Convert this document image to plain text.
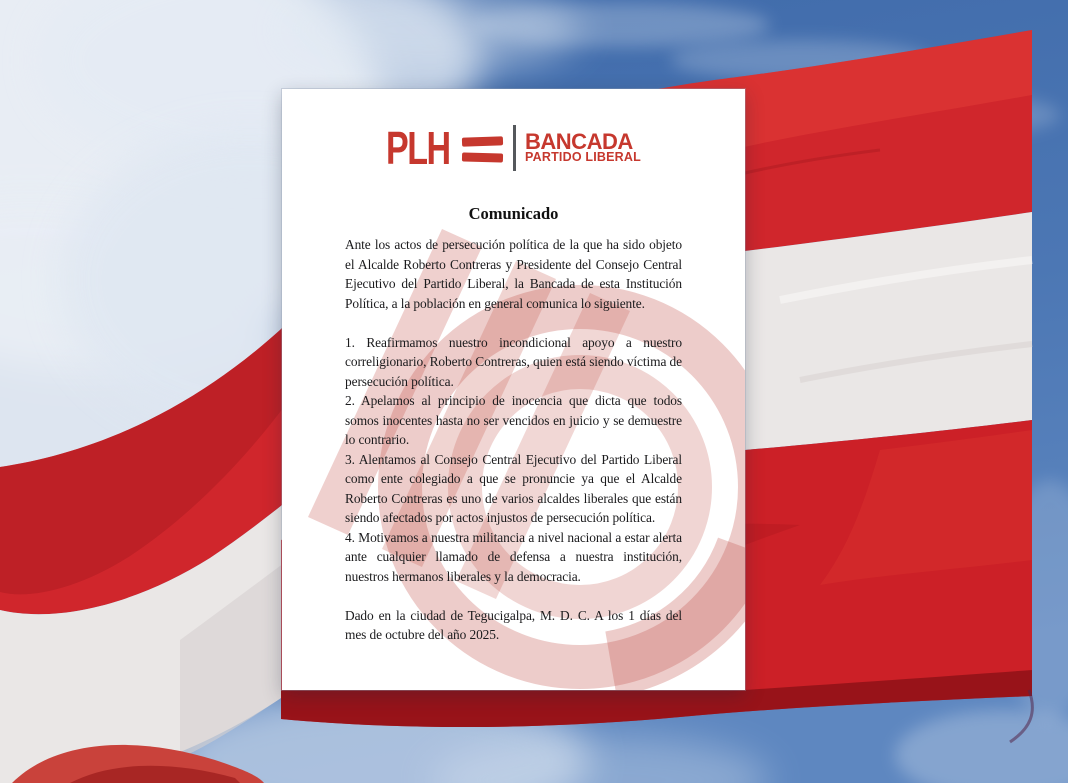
PLH	BANCADA
PARTIDO LIBERAL
Comunicado

Ante los actos de persecución política de la que ha sido objeto el Alcalde Roberto Contreras y Presidente del Consejo Central Ejecutivo del Partido Liberal, la Bancada de esta Institución Política, a la población en general comunica lo siguiente.

1. Reafirmamos nuestro incondicional apoyo a nuestro correligionario, Roberto Contreras, quien está siendo víctima de persecución política.

2. Apelamos al principio de inocencia que dicta que todos somos inocentes hasta no ser vencidos en juicio y se demuestre lo contrario.

3. Alentamos al Consejo Central Ejecutivo del Partido Liberal como ente colegiado a que se pronuncie ya que el Alcalde Roberto Contreras es uno de varios alcaldes liberales que están siendo afectados por actos injustos de persecución política.

4. Motivamos a nuestra militancia a nivel nacional a estar alerta ante cualquier llamado de defensa a nuestra institución, nuestros hermanos liberales y la democracia.

Dado en la ciudad de Tegucigalpa, M. D. C. A los 1 días del mes de octubre del año 2025.
